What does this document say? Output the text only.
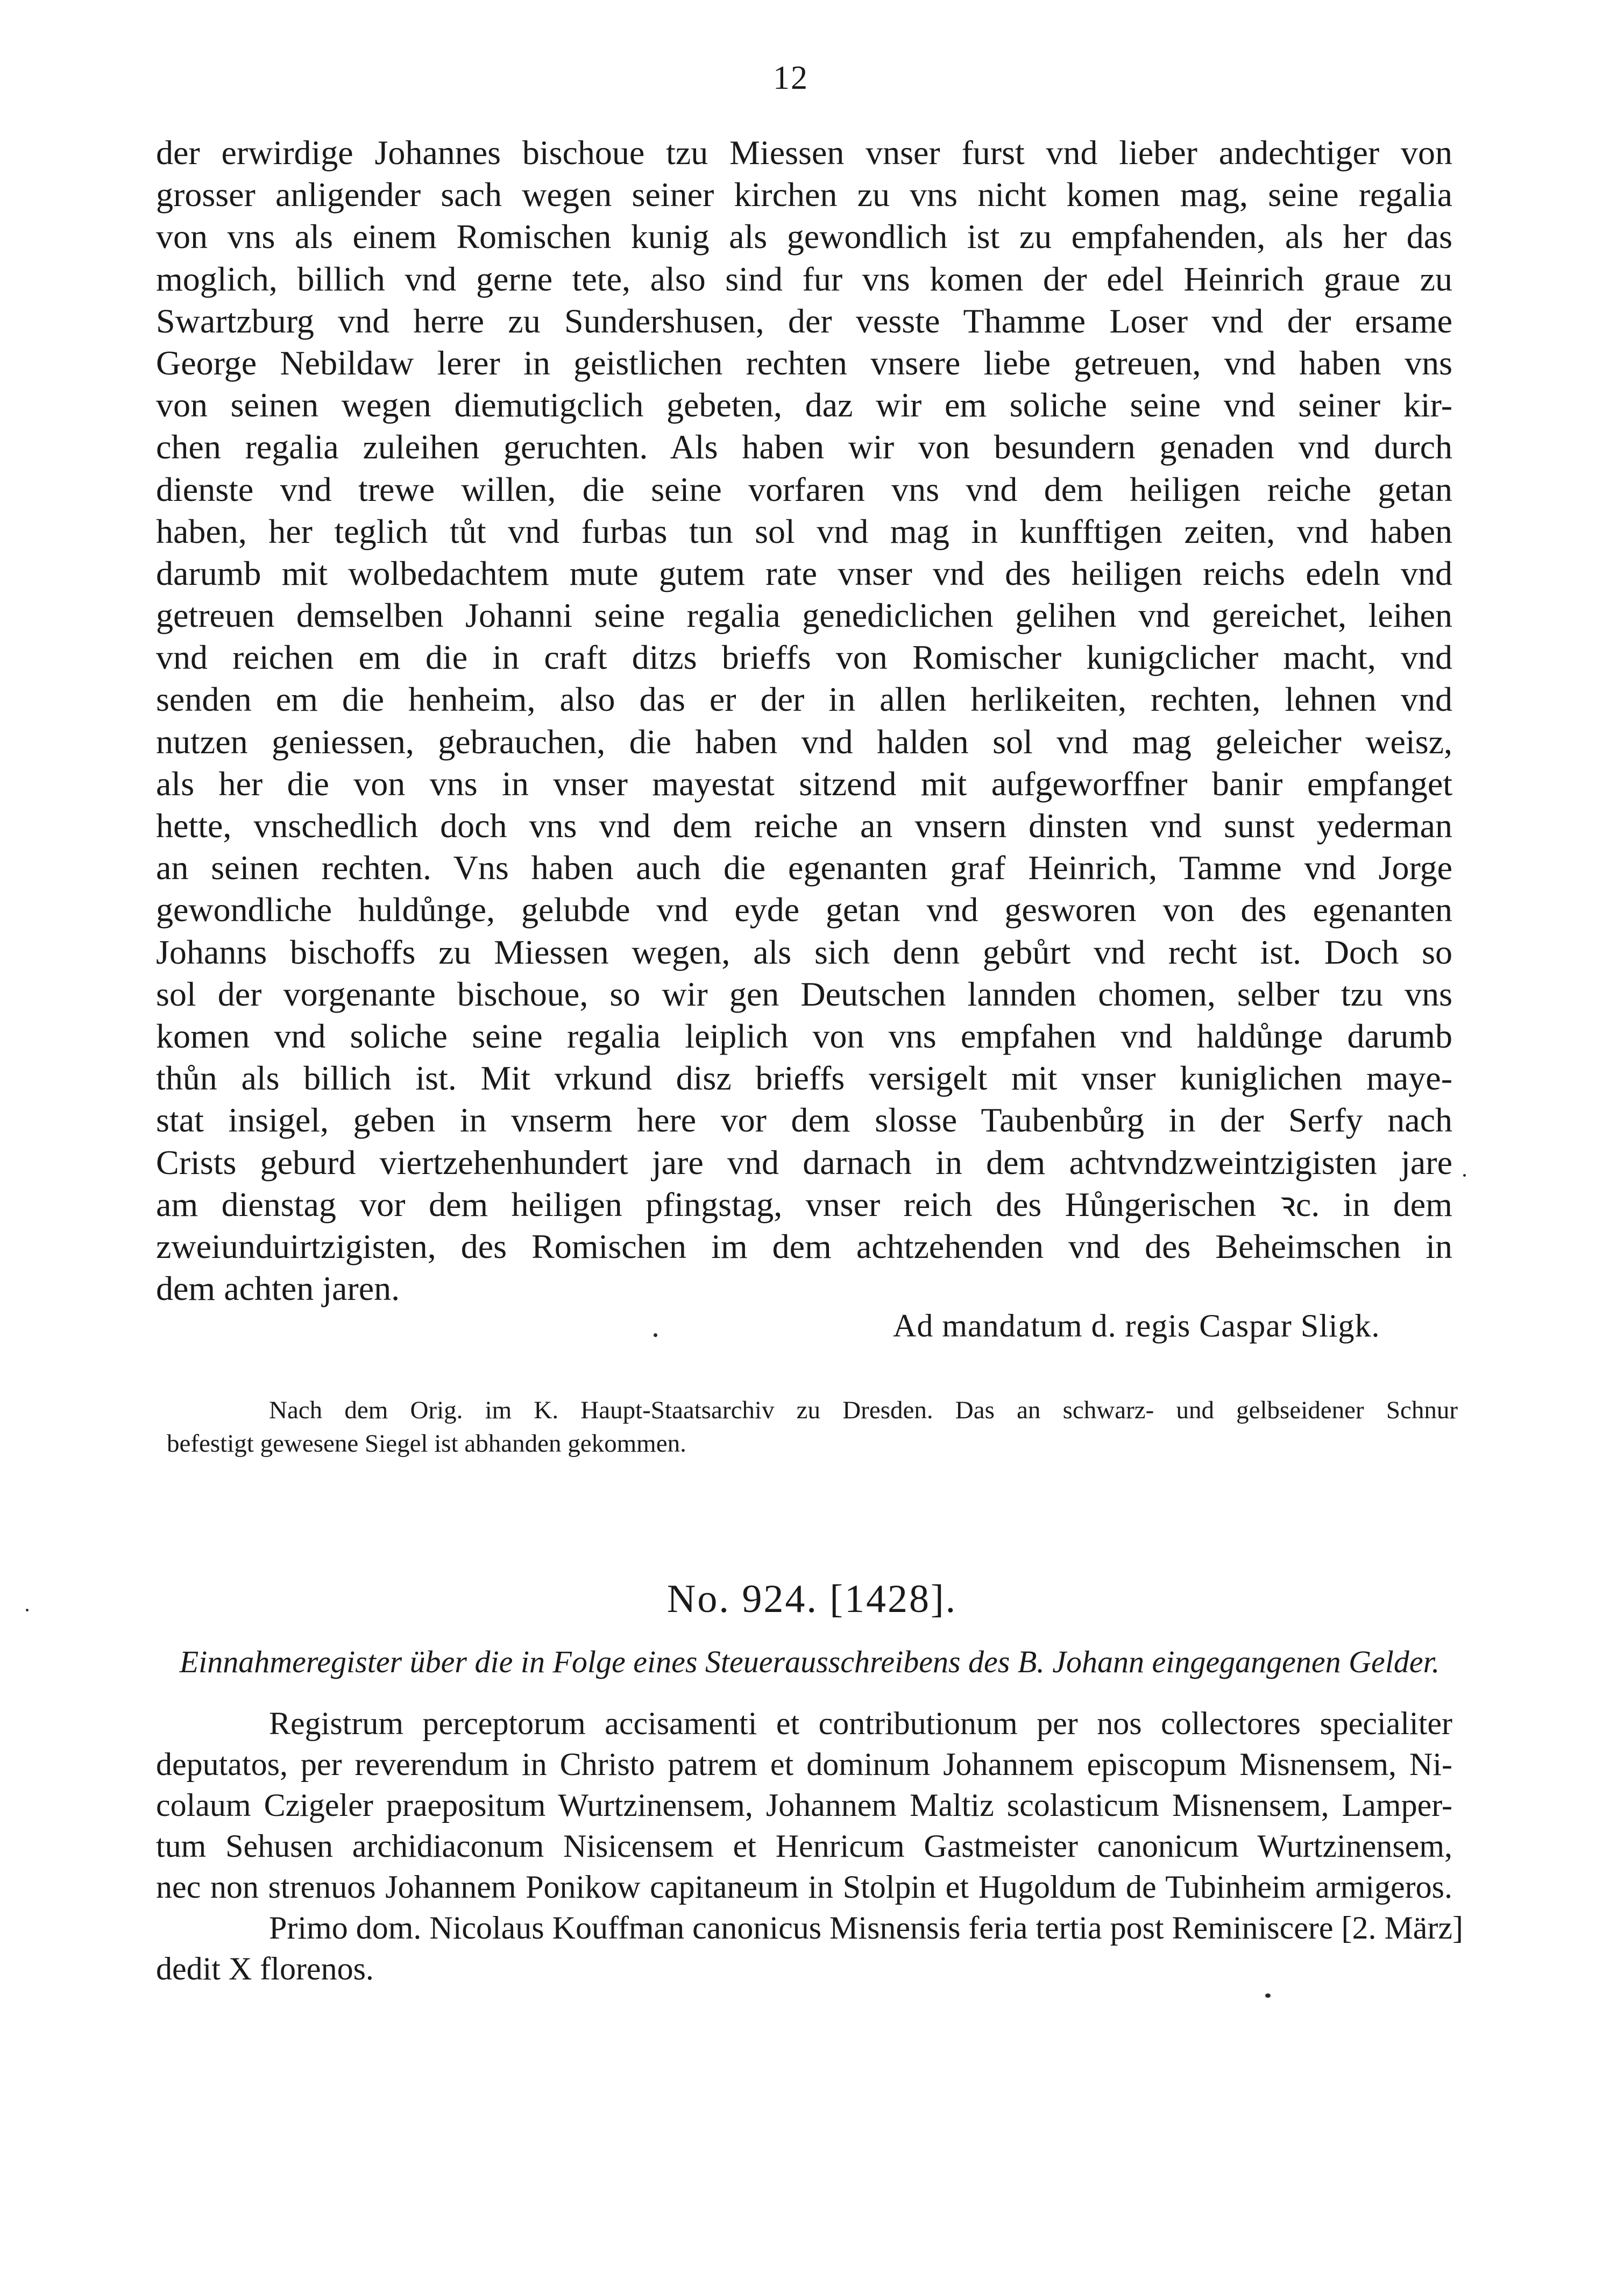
12
der erwirdige Johannes bischoue tzu Miessen vnser furst vnd lieber andechtiger von
grosser anligender sach wegen seiner kirchen zu vns nicht komen mag, seine regalia
von vns als einem Romischen kunig als gewondlich ist zu empfahenden, als her das
moglich, billich vnd gerne tete, also sind fur vns komen der edel Heinrich graue zu
Swartzburg vnd herre zu Sundershusen, der vesste Thamme Loser vnd der ersame
George Nebildaw lerer in geistlichen rechten vnsere liebe getreuen, vnd haben vns
von seinen wegen diemutigclich gebeten, daz wir em soliche seine vnd seiner kir-
chen regalia zuleihen geruchten. Als haben wir von besundern genaden vnd durch
dienste vnd trewe willen, die seine vorfaren vns vnd dem heiligen reiche getan
haben, her teglich tůt vnd furbas tun sol vnd mag in kunfftigen zeiten, vnd haben
darumb mit wolbedachtem mute gutem rate vnser vnd des heiligen reichs edeln vnd
getreuen demselben Johanni seine regalia genediclichen gelihen vnd gereichet, leihen
vnd reichen em die in craft ditzs brieffs von Romischer kunigclicher macht, vnd
senden em die henheim, also das er der in allen herlikeiten, rechten, lehnen vnd
nutzen geniessen, gebrauchen, die haben vnd halden sol vnd mag geleicher weisz,
als her die von vns in vnser mayestat sitzend mit aufgeworffner banir empfanget
hette, vnschedlich doch vns vnd dem reiche an vnsern dinsten vnd sunst yederman
an seinen rechten. Vns haben auch die egenanten graf Heinrich, Tamme vnd Jorge
gewondliche huldůnge, gelubde vnd eyde getan vnd gesworen von des egenanten
Johanns bischoffs zu Miessen wegen, als sich denn gebůrt vnd recht ist. Doch so
sol der vorgenante bischoue, so wir gen Deutschen lannden chomen, selber tzu vns
komen vnd soliche seine regalia leiplich von vns empfahen vnd haldůnge darumb
thůn als billich ist. Mit vrkund disz brieffs versigelt mit vnser kuniglichen maye-
stat insigel, geben in vnserm here vor dem slosse Taubenbůrg in der Serfy nach
Crists geburd viertzehenhundert jare vnd darnach in dem achtvndzweintzigisten jare
am dienstag vor dem heiligen pfingstag, vnser reich des Hůngerischen ꝛc. in dem
zweiunduirtzigisten, des Romischen im dem achtzehenden vnd des Beheimschen in
dem achten jaren.
Ad mandatum d. regis Caspar Sligk.
Nach dem Orig. im K. Haupt-Staatsarchiv zu Dresden. Das an schwarz- und gelbseidener Schnur
befestigt gewesene Siegel ist abhanden gekommen.
No. 924. [1428].
Einnahmeregister über die in Folge eines Steuerausschreibens des B. Johann eingegangenen Gelder.
Registrum perceptorum accisamenti et contributionum per nos collectores specialiter
deputatos, per reverendum in Christo patrem et dominum Johannem episcopum Misnensem, Ni-
colaum Czigeler praepositum Wurtzinensem, Johannem Maltiz scolasticum Misnensem, Lamper-
tum Sehusen archidiaconum Nisicensem et Henricum Gastmeister canonicum Wurtzinensem,
nec non strenuos Johannem Ponikow capitaneum in Stolpin et Hugoldum de Tubinheim armigeros.
Primo dom. Nicolaus Kouffman canonicus Misnensis feria tertia post Reminiscere [2. März]
dedit X florenos.
